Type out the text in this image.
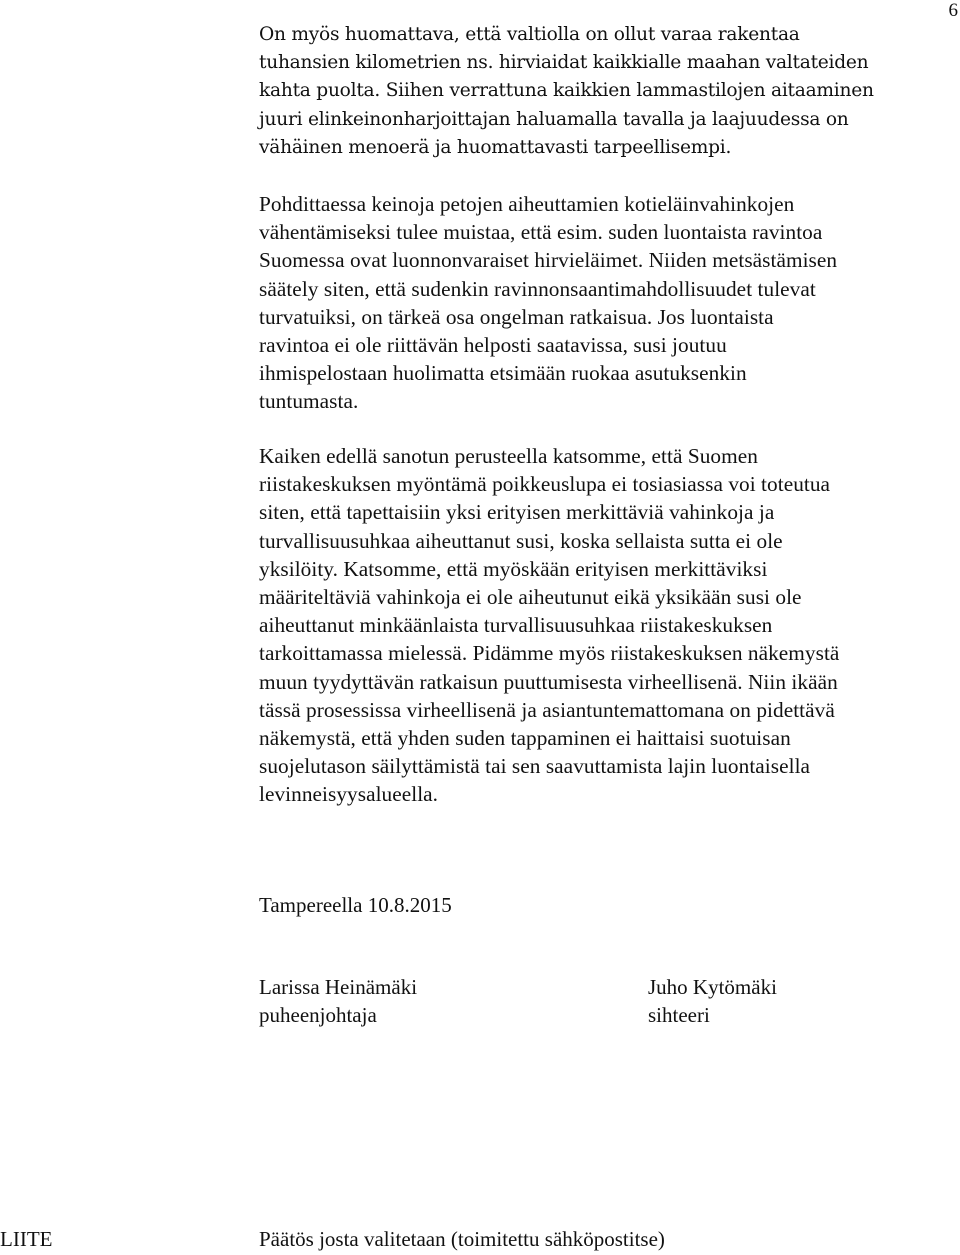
6

On myös huomattava, että valtiolla on ollut varaa rakentaa
tuhansien kilometrien ns. hirviaidat kaikkialle maahan valtateiden
kahta puolta. Siihen verrattuna kaikkien lammastilojen aitaaminen
juuri elinkeinonharjoittajan haluamalla tavalla ja laajuudessa on
vähäinen menoerä ja huomattavasti tarpeellisempi.

Pohdittaessa keinoja petojen aiheuttamien kotieläinvahinkojen
vähentämiseksi tulee muistaa, että esim. suden luontaista ravintoa
Suomessa ovat luonnonvaraiset hirvieläimet. Niiden metsästämisen
säätely siten, että sudenkin ravinnonsaantimahdollisuudet tulevat
turvatuiksi, on tärkeä osa ongelman ratkaisua. Jos luontaista
ravintoa ei ole riittävän helposti saatavissa, susi joutuu
ihmispelostaan huolimatta etsimään ruokaa asutuksenkin
tuntumasta.

Kaiken edellä sanotun perusteella katsomme, että Suomen
riistakeskuksen myöntämä poikkeuslupa ei tosiasiassa voi toteutua
siten, että tapettaisiin yksi erityisen merkittäviä vahinkoja ja
turvallisuusuhkaa aiheuttanut susi, koska sellaista sutta ei ole
yksilöity. Katsomme, että myöskään erityisen merkittäviksi
määriteltäviä vahinkoja ei ole aiheutunut eikä yksikään susi ole
aiheuttanut minkäänlaista turvallisuusuhkaa riistakeskuksen
tarkoittamassa mielessä. Pidämme myös riistakeskuksen näkemystä
muun tyydyttävän ratkaisun puuttumisesta virheellisenä. Niin ikään
tässä prosessissa virheellisenä ja asiantuntemattomana on pidettävä
näkemystä, että yhden suden tappaminen ei haittaisi suotuisan
suojelutason säilyttämistä tai sen saavuttamista lajin luontaisella
levinneisyysalueella.

Tampereella 10.8.2015
Larissa Heinämäki
puheenjohtaja
Juho Kytömäki
sihteeri
LIITE	Päätös josta valitetaan (toimitettu sähköpostitse)
